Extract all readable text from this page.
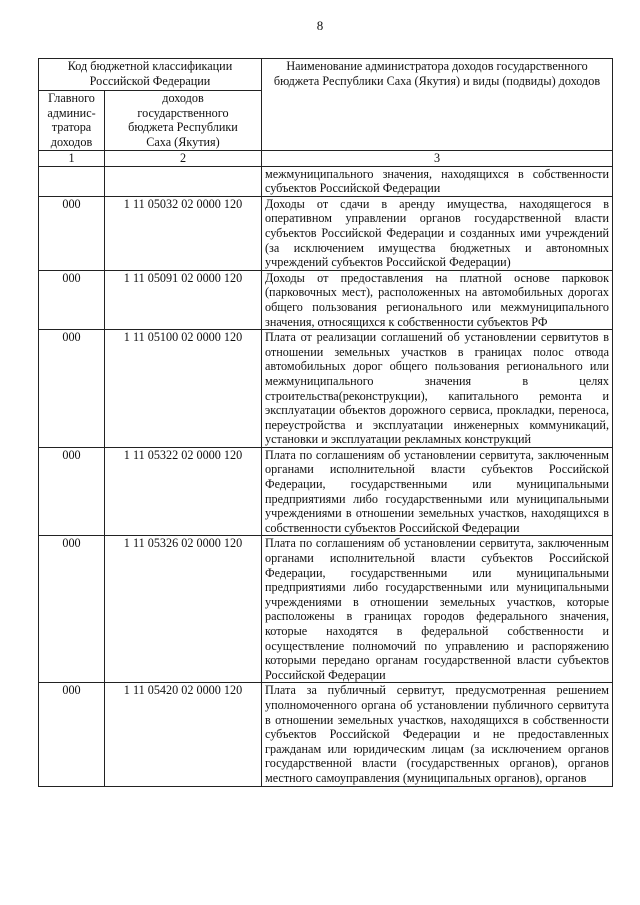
8
Код бюджетной классификации Российской Федерации		Наименование администратора доходов государственного бюджета Республики Саха (Якутия) и виды (подвиды) доходов
Главного админис-тратора доходов	доходов государственного бюджета Республики Саха (Якутия)	
1	2	3

		межмуниципального значения, находящихся в собственности субъектов Российской Федерации

000	1 11 05032 02 0000 120	Доходы от сдачи в аренду имущества, находящегося в оперативном управлении органов государственной власти субъектов Российской Федерации и созданных ими учреждений (за исключением имущества бюджетных и автономных учреждений субъектов Российской Федерации)

000	1 11 05091 02 0000 120	Доходы от предоставления на платной основе парковок (парковочных мест), расположенных на автомобильных дорогах общего пользования регионального или межмуниципального значения, относящихся к собственности субъектов РФ

000	1 11 05100 02 0000 120	Плата от реализации соглашений об установлении сервитутов в отношении земельных участков в границах полос отвода автомобильных дорог общего пользования регионального или межмуниципального значения в целях строительства(реконструкции), капитального ремонта и эксплуатации объектов дорожного сервиса, прокладки, переноса, переустройства и эксплуатации инженерных коммуникаций, установки и эксплуатации рекламных конструкций

000	1 11 05322 02 0000 120	Плата по соглашениям об установлении сервитута, заключенным органами исполнительной власти субъектов Российской Федерации, государственными или муниципальными предприятиями либо государственными или муниципальными учреждениями в отношении земельных участков, находящихся в собственности субъектов Российской Федерации

000	1 11 05326 02 0000 120	Плата по соглашениям об установлении сервитута, заключенным органами исполнительной власти субъектов Российской Федерации, государственными или муниципальными предприятиями либо государственными или муниципальными учреждениями в отношении земельных участков, которые расположены в границах городов федерального значения, которые находятся в федеральной собственности и осуществление полномочий по управлению и распоряжению которыми передано органам государственной власти субъектов Российской Федерации

000	1 11 05420 02 0000 120	Плата за публичный сервитут, предусмотренная решением уполномоченного органа об установлении публичного сервитута в отношении земельных участков, находящихся в собственности субъектов Российской Федерации и не предоставленных гражданам или юридическим лицам (за исключением органов государственной власти (государственных органов), органов местного самоуправления (муниципальных органов), органов
